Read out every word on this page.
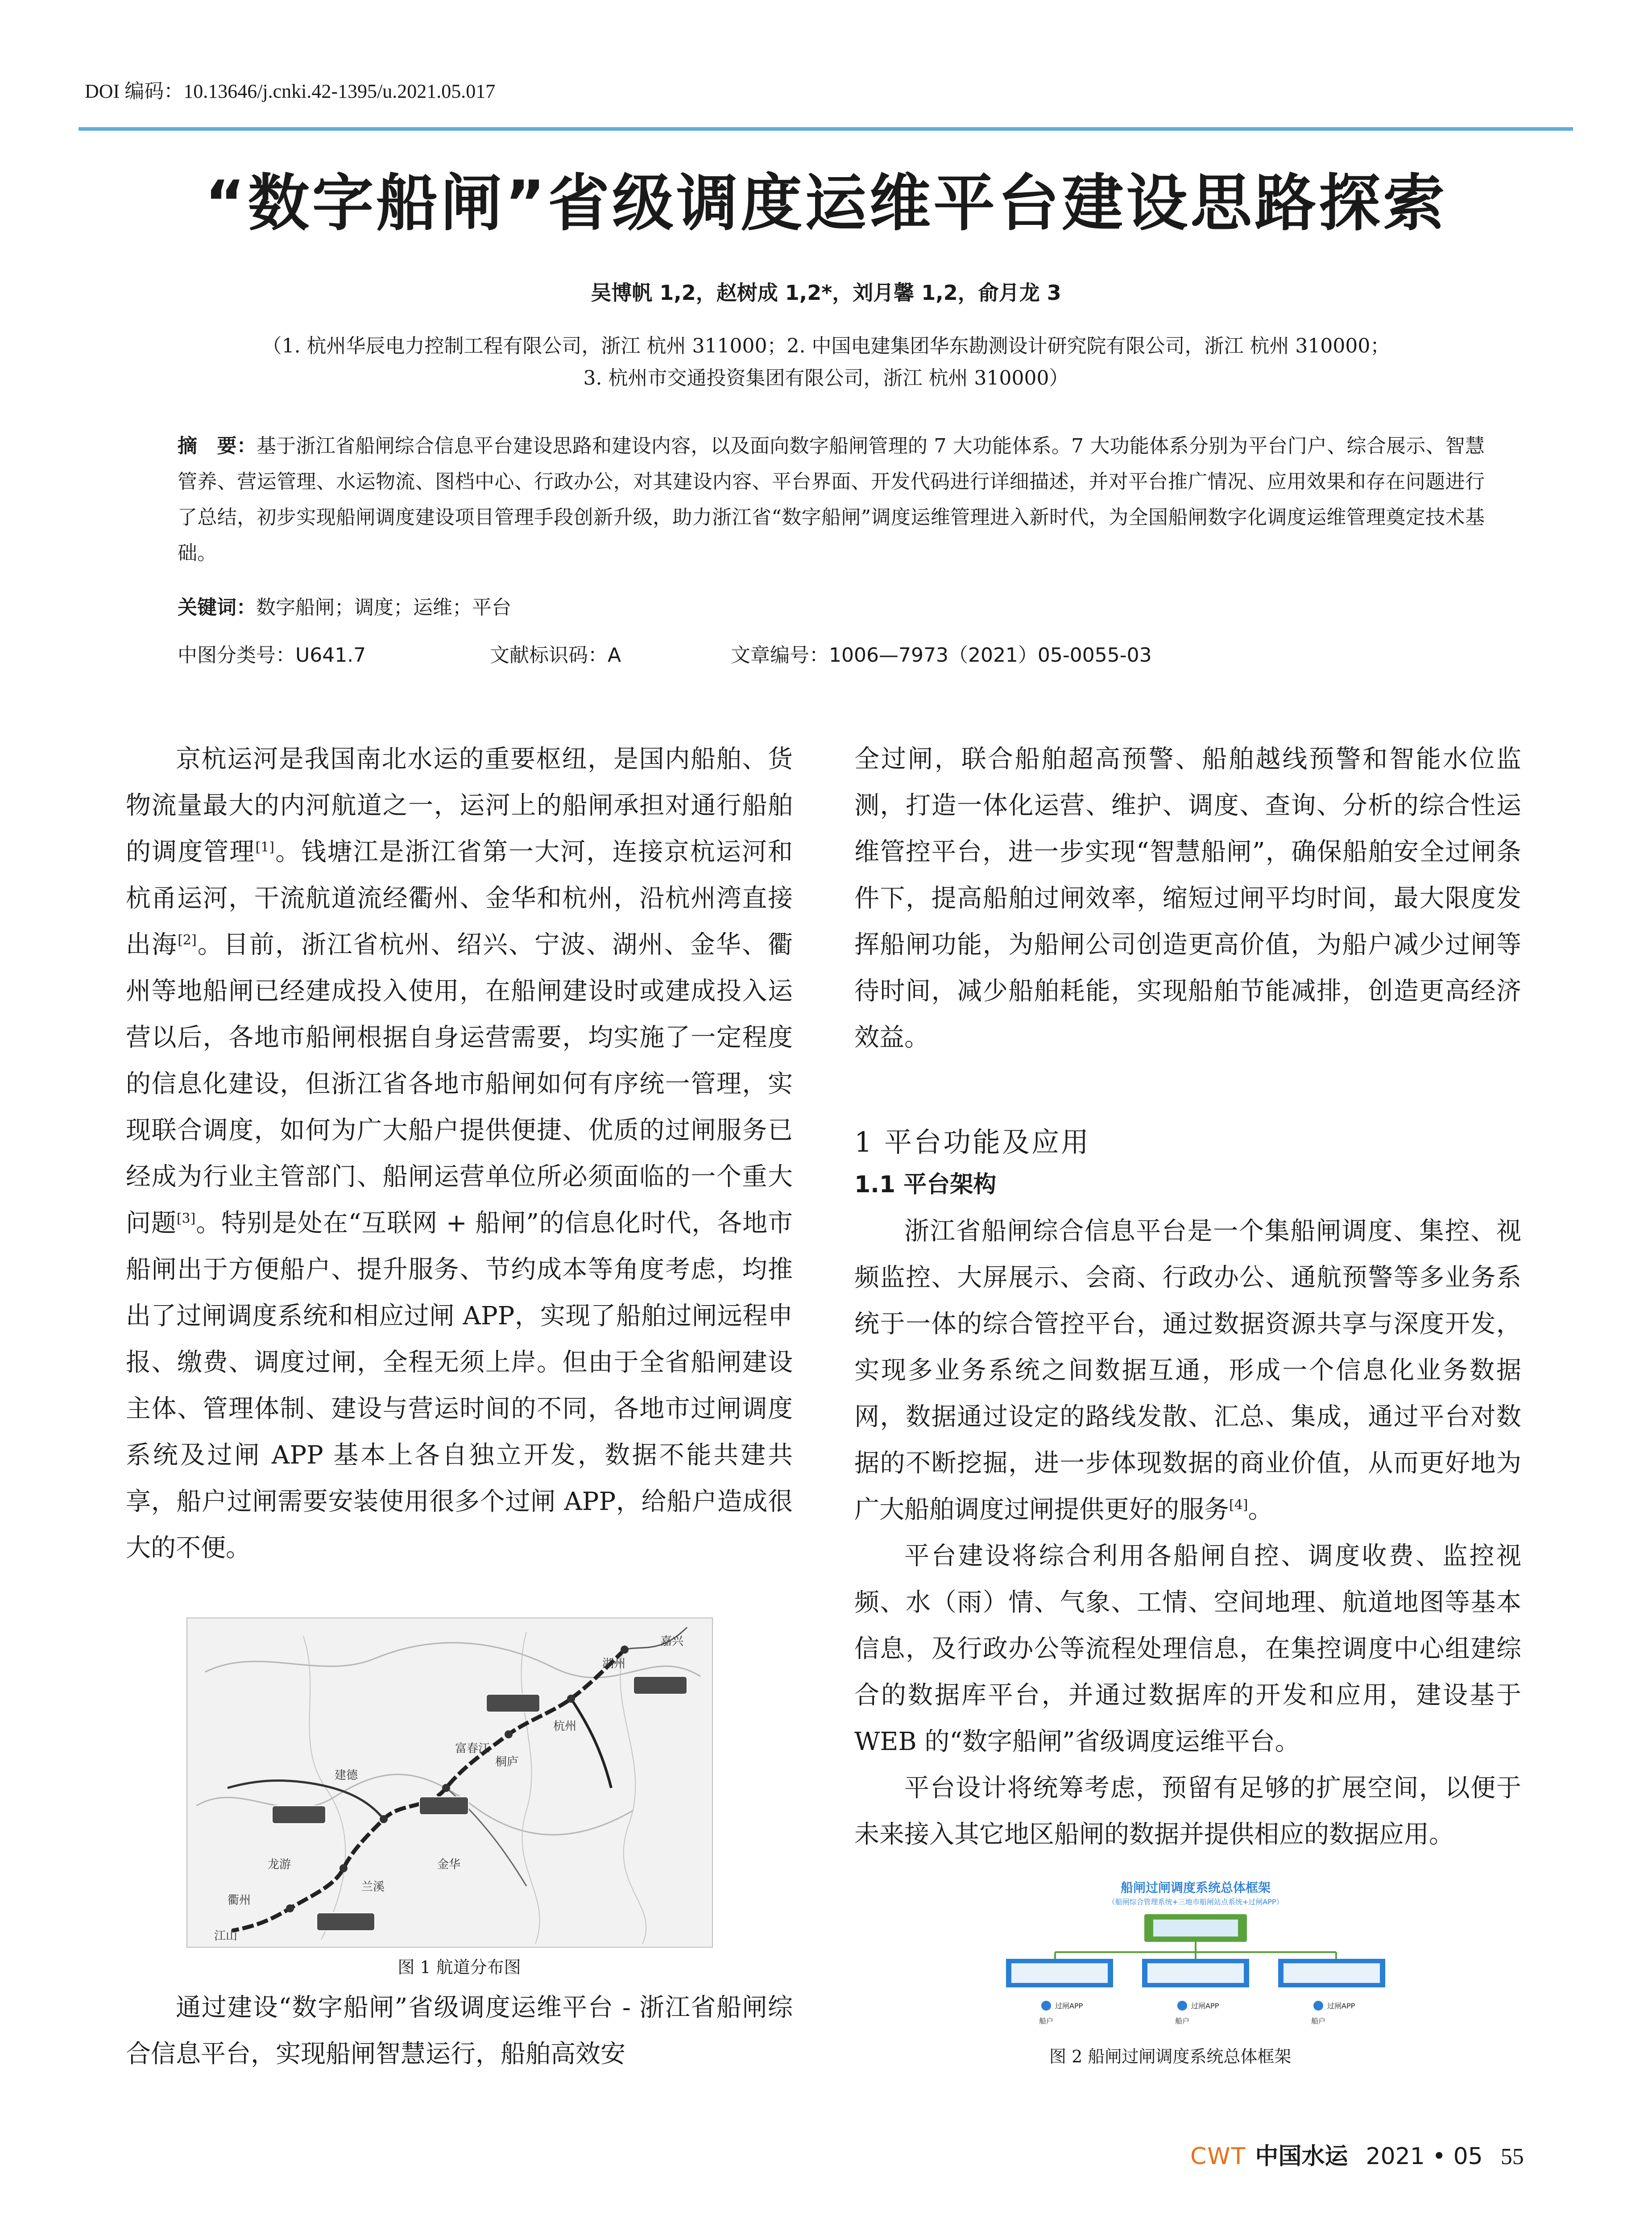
DOI 编码：10.13646/j.cnki.42-1395/u.2021.05.017
“数字船闸”省级调度运维平台建设思路探索
吴博帆 1,2，赵树成 1,2*，刘月馨 1,2，俞月龙 3
（1. 杭州华辰电力控制工程有限公司，浙江 杭州 311000；2. 中国电建集团华东勘测设计研究院有限公司，浙江 杭州 310000；
3. 杭州市交通投资集团有限公司，浙江 杭州 310000）
摘　要：基于浙江省船闸综合信息平台建设思路和建设内容，以及面向数字船闸管理的 7 大功能体系。7 大功能体系分别为平台门户、综合展示、智慧管养、营运管理、水运物流、图档中心、行政办公，对其建设内容、平台界面、开发代码进行详细描述，并对平台推广情况、应用效果和存在问题进行了总结，初步实现船闸调度建设项目管理手段创新升级，助力浙江省“数字船闸”调度运维管理进入新时代，为全国船闸数字化调度运维管理奠定技术基础。
关键词：数字船闸；调度；运维；平台
中图分类号：U641.7	文献标识码：A	文章编号：1006—7973（2021）05-0055-03

京杭运河是我国南北水运的重要枢纽，是国内船舶、货物流量最大的内河航道之一，运河上的船闸承担对通行船舶的调度管理[1]。钱塘江是浙江省第一大河，连接京杭运河和杭甬运河，干流航道流经衢州、金华和杭州，沿杭州湾直接出海[2]。目前，浙江省杭州、绍兴、宁波、湖州、金华、衢州等地船闸已经建成投入使用，在船闸建设时或建成投入运营以后，各地市船闸根据自身运营需要，均实施了一定程度的信息化建设，但浙江省各地市船闸如何有序统一管理，实现联合调度，如何为广大船户提供便捷、优质的过闸服务已经成为行业主管部门、船闸运营单位所必须面临的一个重大问题[3]。特别是处在“互联网 + 船闸”的信息化时代，各地市船闸出于方便船户、提升服务、节约成本等角度考虑，均推出了过闸调度系统和相应过闸 APP，实现了船舶过闸远程申报、缴费、调度过闸，全程无须上岸。但由于全省船闸建设主体、管理体制、建设与营运时间的不同，各地市过闸调度系统及过闸 APP 基本上各自独立开发，数据不能共建共享，船户过闸需要安装使用很多个过闸 APP，给船户造成很大的不便。

湖州
嘉兴
杭州
富春江
衢州
金华
兰溪
建德
桐庐
龙游
江山
图 1 航道分布图

通过建设“数字船闸”省级调度运维平台 - 浙江省船闸综合信息平台，实现船闸智慧运行，船舶高效安

全过闸，联合船舶超高预警、船舶越线预警和智能水位监测，打造一体化运营、维护、调度、查询、分析的综合性运维管控平台，进一步实现“智慧船闸”，确保船舶安全过闸条件下，提高船舶过闸效率，缩短过闸平均时间，最大限度发挥船闸功能，为船闸公司创造更高价值，为船户减少过闸等待时间，减少船舶耗能，实现船舶节能减排，创造更高经济效益。

1 平台功能及应用
1.1 平台架构

浙江省船闸综合信息平台是一个集船闸调度、集控、视频监控、大屏展示、会商、行政办公、通航预警等多业务系统于一体的综合管控平台，通过数据资源共享与深度开发，实现多业务系统之间数据互通，形成一个信息化业务数据网，数据通过设定的路线发散、汇总、集成，通过平台对数据的不断挖掘，进一步体现数据的商业价值，从而更好地为广大船舶调度过闸提供更好的服务[4]。

平台建设将综合利用各船闸自控、调度收费、监控视频、水（雨）情、气象、工情、空间地理、航道地图等基本信息，及行政办公等流程处理信息，在集控调度中心组建综合的数据库平台，并通过数据库的开发和应用，建设基于 WEB 的“数字船闸”省级调度运维平台。

平台设计将统筹考虑，预留有足够的扩展空间，以便于未来接入其它地区船闸的数据并提供相应的数据应用。

船闸过闸调度系统总体框架
（船闸综合管理系统+三地市船闸站点系统+过闸APP）
过闸APP
船户
过闸APP
船户
过闸APP
船户
图 2 船闸过闸调度系统总体框架
CWT 中国水运 2021 • 05 55
